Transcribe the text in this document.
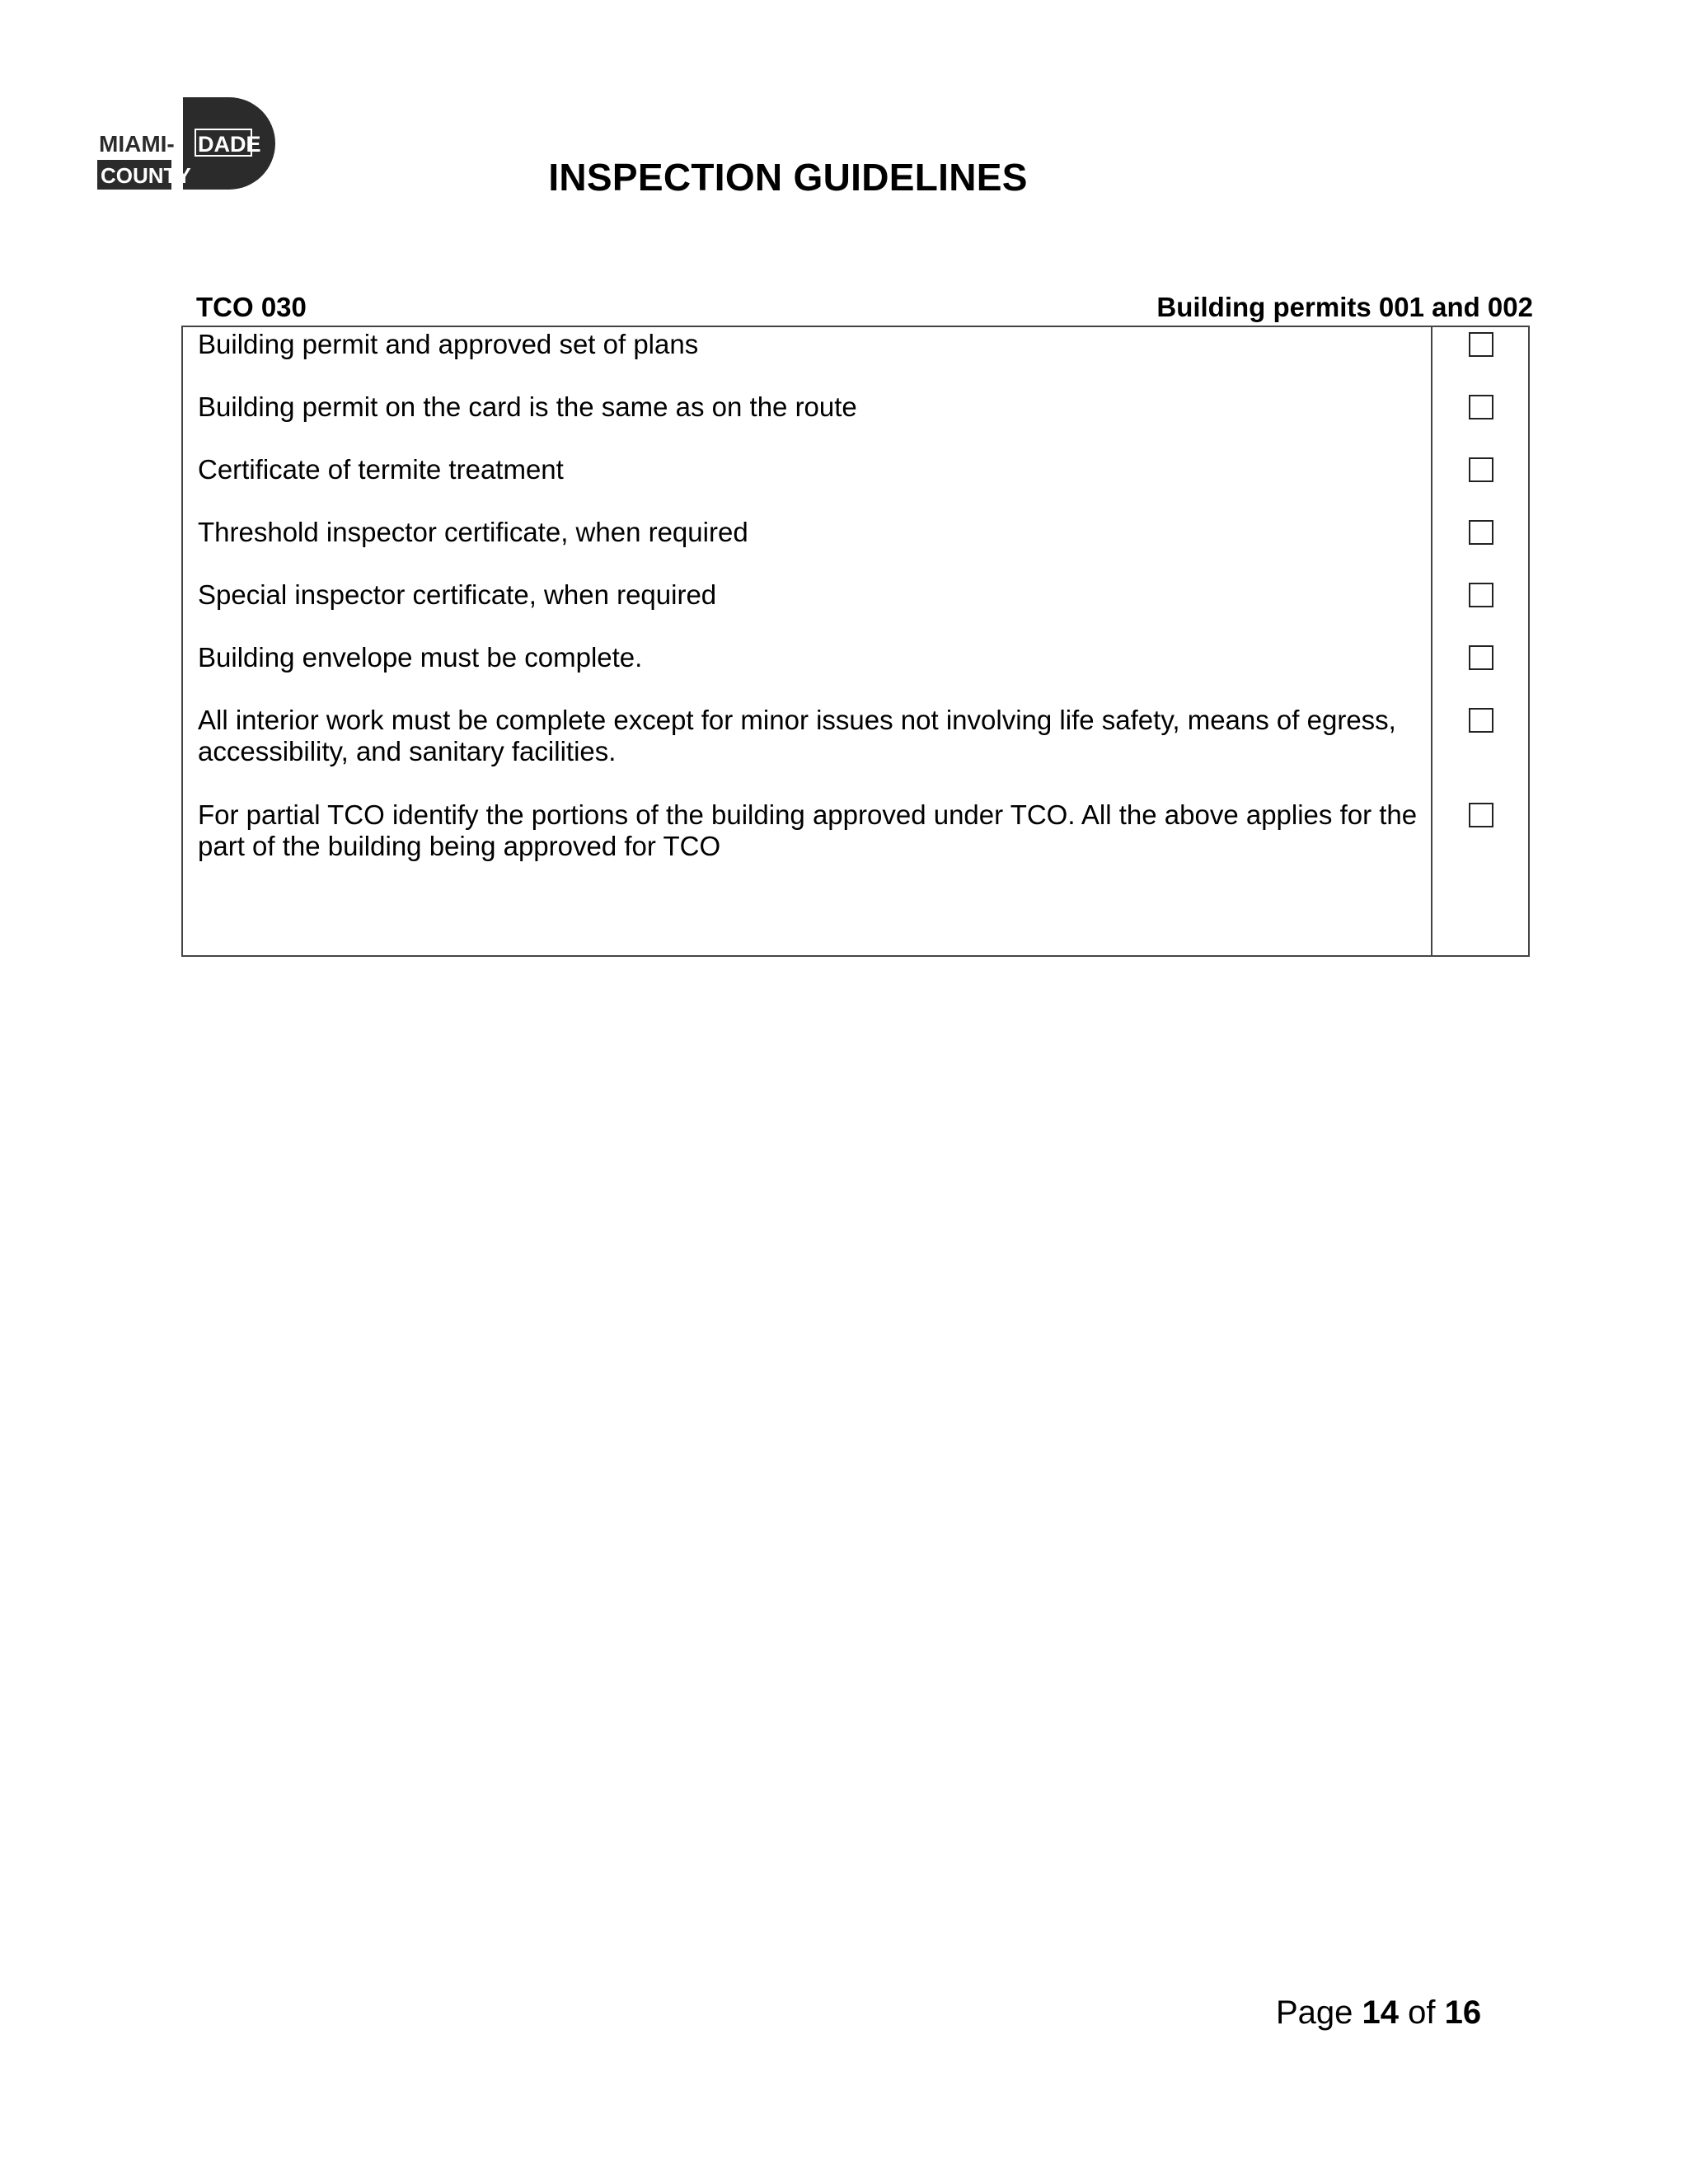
MIAMI- DADE
COUNTY	INSPECTION GUIDELINES
TCO 030	Building permits 001 and 002
Building permit and approved set of plans
Building permit on the card is the same as on the route
Certificate of termite treatment
Threshold inspector certificate, when required
Special inspector certificate, when required
Building envelope must be complete.
All interior work must be complete except for minor issues not involving life safety, means of egress, accessibility, and sanitary facilities.
For partial TCO identify the portions of the building approved under TCO. All the above applies for the part of the building being approved for TCO
Page 14 of 16
